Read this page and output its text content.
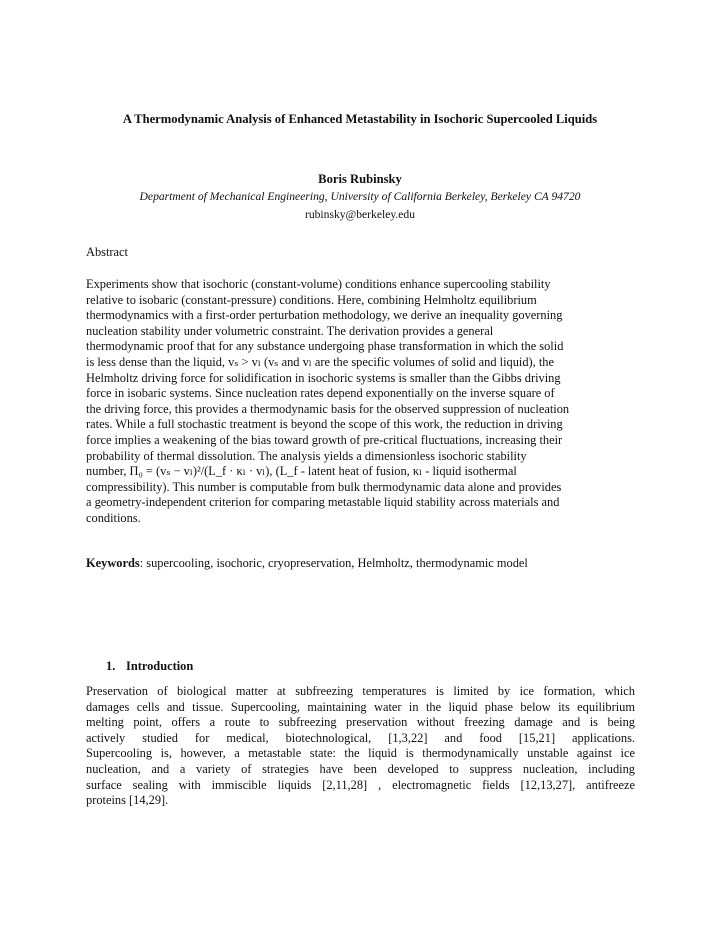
A Thermodynamic Analysis of Enhanced Metastability in Isochoric Supercooled Liquids
Boris Rubinsky
Department of Mechanical Engineering, University of California Berkeley, Berkeley CA 94720
rubinsky@berkeley.edu
Abstract
Experiments show that isochoric (constant-volume) conditions enhance supercooling stability
relative to isobaric (constant-pressure) conditions. Here, combining Helmholtz equilibrium
thermodynamics with a first-order perturbation methodology, we derive an inequality governing
nucleation stability under volumetric constraint. The derivation provides a general
thermodynamic proof that for any substance undergoing phase transformation in which the solid
is less dense than the liquid, vₛ > vₗ (vₛ and vₗ are the specific volumes of solid and liquid), the
Helmholtz driving force for solidification in isochoric systems is smaller than the Gibbs driving
force in isobaric systems. Since nucleation rates depend exponentially on the inverse square of
the driving force, this provides a thermodynamic basis for the observed suppression of nucleation
rates. While a full stochastic treatment is beyond the scope of this work, the reduction in driving
force implies a weakening of the bias toward growth of pre-critical fluctuations, increasing their
probability of thermal dissolution. The analysis yields a dimensionless isochoric stability
number, Π₀ = (vₛ − vₗ)²/(L_f · κₗ · vₗ), (L_f - latent heat of fusion, κₗ - liquid isothermal
compressibility). This number is computable from bulk thermodynamic data alone and provides
a geometry-independent criterion for comparing metastable liquid stability across materials and
conditions.
Keywords: supercooling, isochoric, cryopreservation, Helmholtz, thermodynamic model
1. Introduction
Preservation of biological matter at subfreezing temperatures is limited by ice formation, which
damages cells and tissue. Supercooling, maintaining water in the liquid phase below its equilibrium
melting point, offers a route to subfreezing preservation without freezing damage and is being
actively studied for medical, biotechnological, [1,3,22] and food [15,21] applications.
Supercooling is, however, a metastable state: the liquid is thermodynamically unstable against ice
nucleation, and a variety of strategies have been developed to suppress nucleation, including
surface sealing with immiscible liquids [2,11,28] , electromagnetic fields [12,13,27], antifreeze
proteins [14,29].
